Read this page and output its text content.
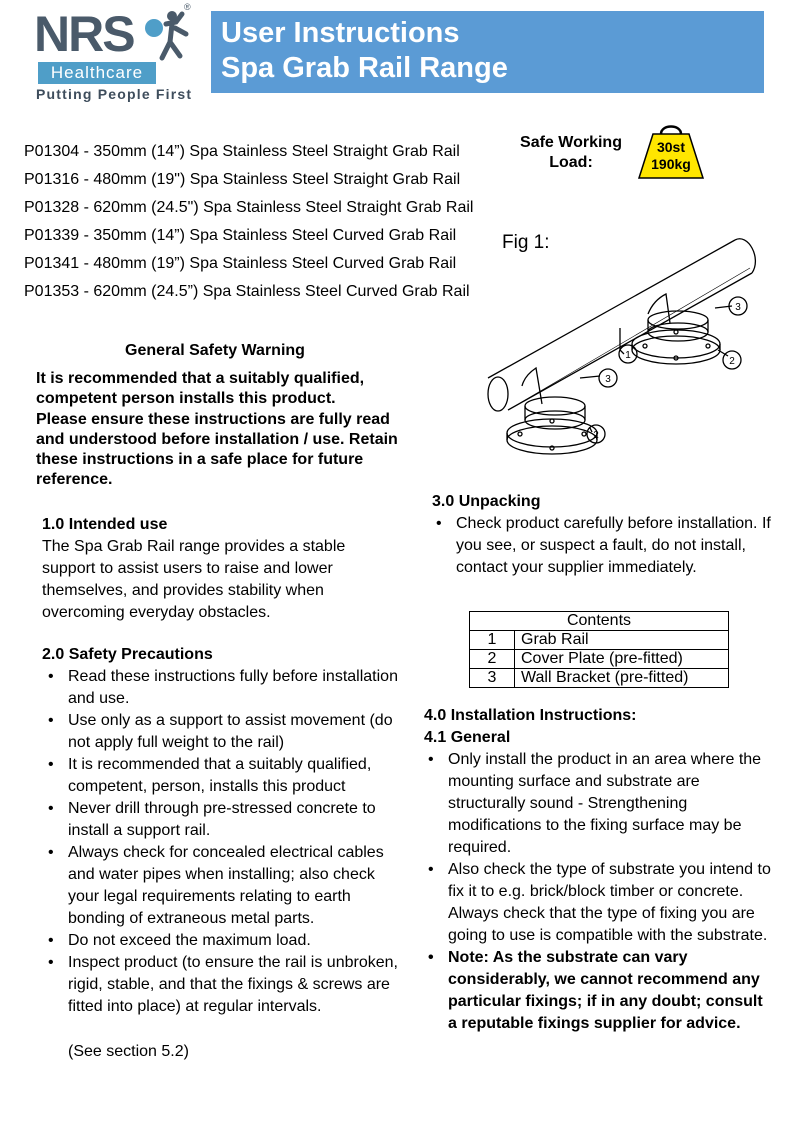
NRS	®
Healthcare
Putting People First
User Instructions
Spa Grab Rail Range
P01304 - 350mm (14”) Spa Stainless Steel Straight Grab Rail
P01316 - 480mm (19") Spa Stainless Steel Straight Grab Rail
P01328 - 620mm (24.5") Spa Stainless Steel Straight Grab Rail
P01339 - 350mm (14”) Spa Stainless Steel Curved Grab Rail
P01341 - 480mm (19”) Spa Stainless Steel Curved Grab Rail
P01353 - 620mm (24.5”) Spa Stainless Steel Curved Grab Rail
Safe Working
Load:
30st
190kg
Fig 1:
1
2
3
2
3
General Safety Warning
It is recommended that a suitably qualified, competent person installs this product.
Please ensure these instructions are fully read and understood before installation / use. Retain these instructions in a safe place for future reference.
1.0 Intended use
The Spa Grab Rail range provides a stable support to assist users to raise and lower themselves, and provides stability when overcoming everyday obstacles.
2.0 Safety Precautions
• Read these instructions fully before installation and use.
• Use only as a support to assist movement (do not apply full weight to the rail)
• It is recommended that a suitably qualified, competent, person, installs this product
• Never drill through pre-stressed concrete to install a support rail.
• Always check for concealed electrical cables and water pipes when installing; also check your legal requirements relating to earth bonding of extraneous metal parts.
• Do not exceed the maximum load.
• Inspect product (to ensure the rail is unbroken, rigid, stable, and that the fixings & screws are fitted into place) at regular intervals.
(See section 5.2)
3.0 Unpacking
• Check product carefully before installation. If you see, or suspect a fault, do not install, contact your supplier immediately.
Contents	
1	Grab Rail
2	Cover Plate (pre-fitted)
3	Wall Bracket (pre-fitted)
4.0 Installation Instructions:
4.1 General
• Only install the product in an area where the mounting surface and substrate are structurally sound - Strengthening modifications to the fixing surface may be required.
• Also check the type of substrate you intend to fix it to e.g. brick/block timber or concrete. Always check that the type of fixing you are going to use is compatible with the substrate.
• Note: As the substrate can vary considerably, we cannot recommend any particular fixings; if in any doubt; consult a reputable fixings supplier for advice.
